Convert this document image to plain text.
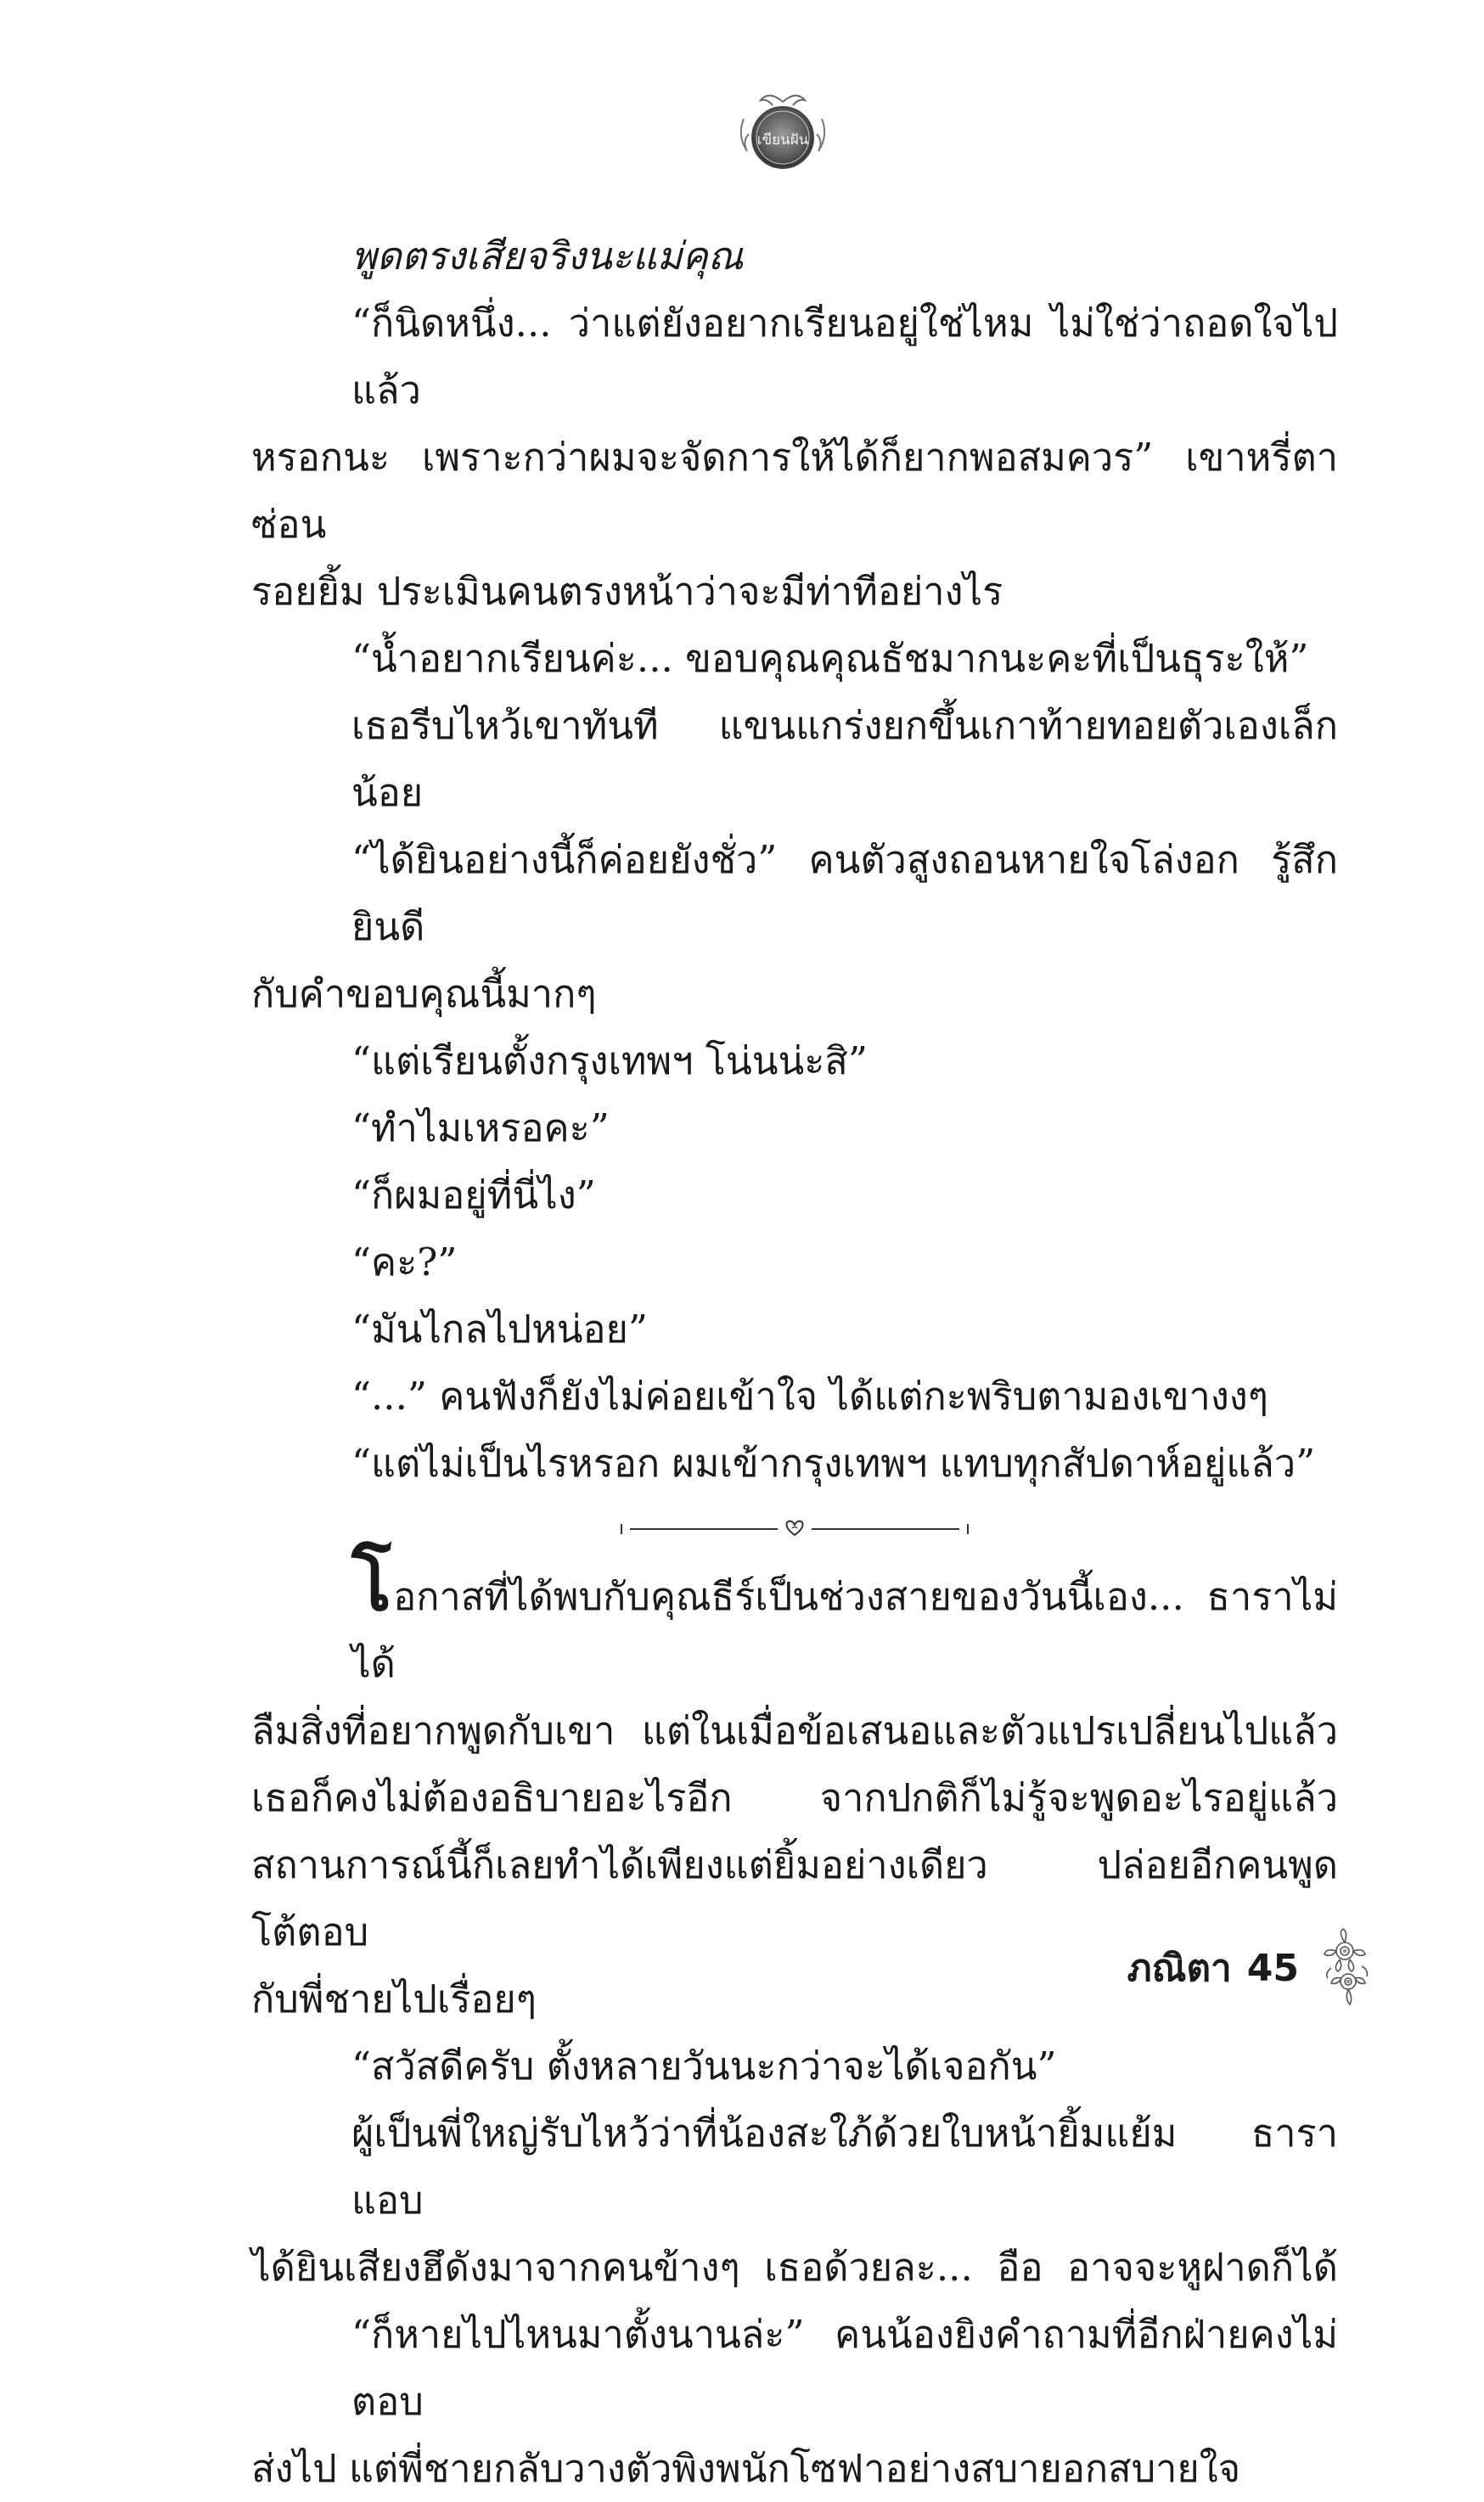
เขียนฝัน

พูดตรงเสียจริงนะแม่คุณ

“ก็นิดหนึ่ง... ว่าแต่ยังอยากเรียนอยู่ใช่ไหม ไม่ใช่ว่าถอดใจไปแล้ว

หรอกนะ เพราะกว่าผมจะจัดการให้ได้ก็ยากพอสมควร” เขาหรี่ตาซ่อน

รอยยิ้ม ประเมินคนตรงหน้าว่าจะมีท่าทีอย่างไร

“น้ำอยากเรียนค่ะ... ขอบคุณคุณธัชมากนะคะที่เป็นธุระให้”

เธอรีบไหว้เขาทันที แขนแกร่งยกขึ้นเกาท้ายทอยตัวเองเล็กน้อย

“ได้ยินอย่างนี้ก็ค่อยยังชั่ว” คนตัวสูงถอนหายใจโล่งอก รู้สึกยินดี

กับคำขอบคุณนี้มากๆ

“แต่เรียนตั้งกรุงเทพฯ โน่นน่ะสิ”

“ทำไมเหรอคะ”

“ก็ผมอยู่ที่นี่ไง”

“คะ?”

“มันไกลไปหน่อย”

“...” คนฟังก็ยังไม่ค่อยเข้าใจ ได้แต่กะพริบตามองเขางงๆ

“แต่ไม่เป็นไรหรอก ผมเข้ากรุงเทพฯ แทบทุกสัปดาห์อยู่แล้ว”

โอกาสที่ได้พบกับคุณธีร์เป็นช่วงสายของวันนี้เอง... ธาราไม่ได้

ลืมสิ่งที่อยากพูดกับเขา แต่ในเมื่อข้อเสนอและตัวแปรเปลี่ยนไปแล้ว

เธอก็คงไม่ต้องอธิบายอะไรอีก จากปกติก็ไม่รู้จะพูดอะไรอยู่แล้ว

สถานการณ์นี้ก็เลยทำได้เพียงแต่ยิ้มอย่างเดียว ปล่อยอีกคนพูดโต้ตอบ

กับพี่ชายไปเรื่อยๆ

“สวัสดีครับ ตั้งหลายวันนะกว่าจะได้เจอกัน”

ผู้เป็นพี่ใหญ่รับไหว้ว่าที่น้องสะใภ้ด้วยใบหน้ายิ้มแย้ม ธาราแอบ

ได้ยินเสียงฮึดังมาจากคนข้างๆ เธอด้วยละ... อือ อาจจะหูฝาดก็ได้

“ก็หายไปไหนมาตั้งนานล่ะ” คนน้องยิงคำถามที่อีกฝ่ายคงไม่ตอบ

ส่งไป แต่พี่ชายกลับวางตัวพิงพนักโซฟาอย่างสบายอกสบายใจ

ภณิตา 45
